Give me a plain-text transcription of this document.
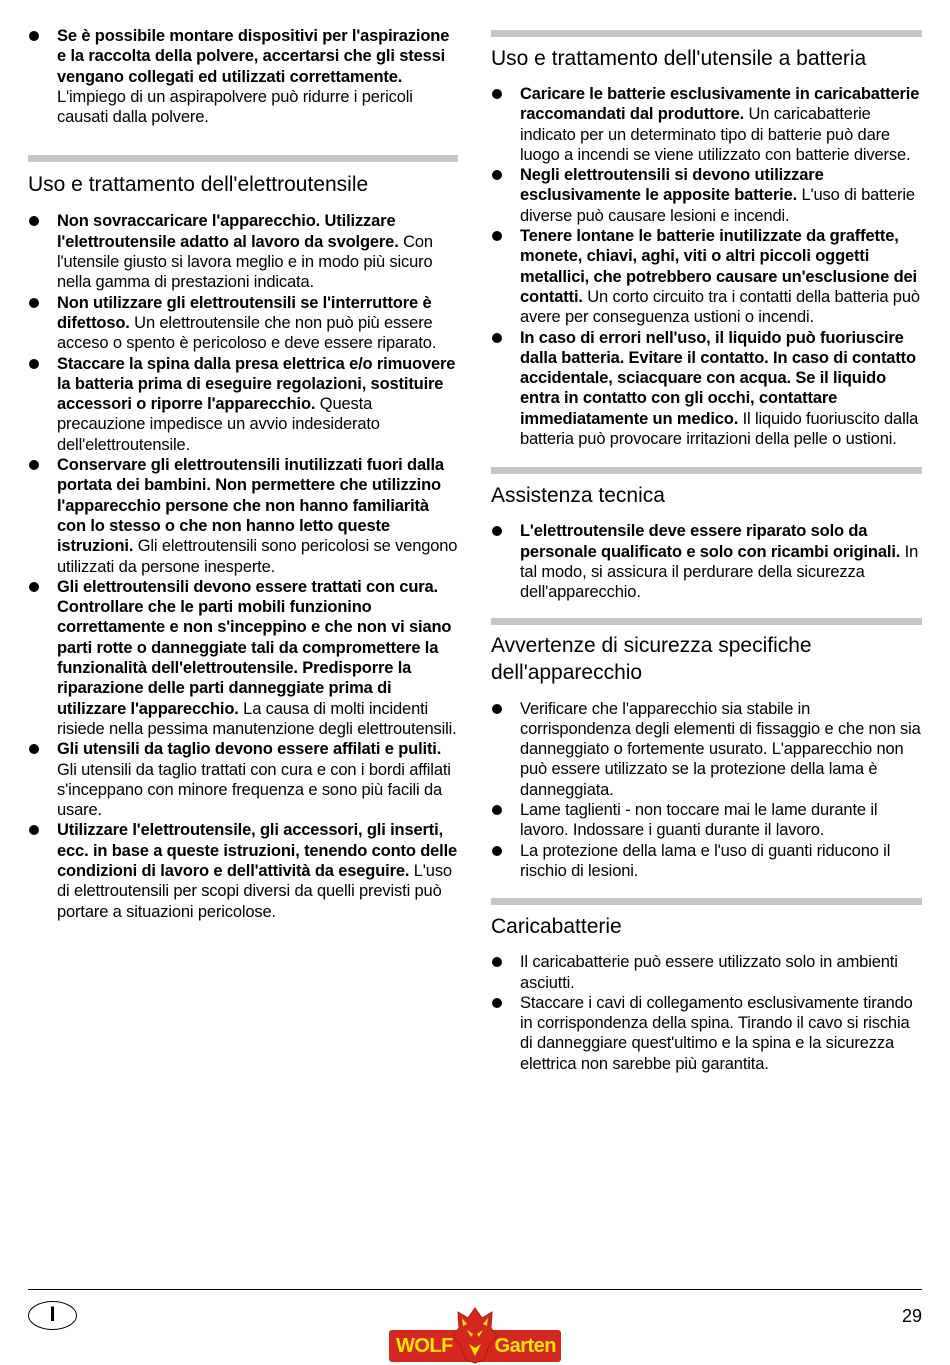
Se è possibile montare dispositivi per l'aspirazione e la raccolta della polvere, accertarsi che gli stessi vengano collegati ed utilizzati correttamente. L'impiego di un aspirapolvere può ridurre i pericoli causati dalla polvere.
Uso e trattamento dell'elettroutensile
Non sovraccaricare l'apparecchio. Utilizzare l'elettroutensile adatto al lavoro da svolgere. Con l'utensile giusto si lavora meglio e in modo più sicuro nella gamma di prestazioni indicata.
Non utilizzare gli elettroutensili se l'interruttore è difettoso. Un elettroutensile che non può più essere acceso o spento è pericoloso e deve essere riparato.
Staccare la spina dalla presa elettrica e/o rimuovere la batteria prima di eseguire regolazioni, sostituire accessori o riporre l'apparecchio. Questa precauzione impedisce un avvio indesiderato dell'elettroutensile.
Conservare gli elettroutensili inutilizzati fuori dalla portata dei bambini. Non permettere che utilizzino l'apparecchio persone che non hanno familiarità con lo stesso o che non hanno letto queste istruzioni. Gli elettroutensili sono pericolosi se vengono utilizzati da persone inesperte.
Gli elettroutensili devono essere trattati con cura. Controllare che le parti mobili funzionino correttamente e non s'inceppino e che non vi siano parti rotte o danneggiate tali da compromettere la funzionalità dell'elettroutensile. Predisporre la riparazione delle parti danneggiate prima di utilizzare l'apparecchio. La causa di molti incidenti risiede nella pessima manutenzione degli elettroutensili.
Gli utensili da taglio devono essere affilati e puliti. Gli utensili da taglio trattati con cura e con i bordi affilati s'inceppano con minore frequenza e sono più facili da usare.
Utilizzare l'elettroutensile, gli accessori, gli inserti, ecc. in base a queste istruzioni, tenendo conto delle condizioni di lavoro e dell'attività da eseguire. L'uso di elettroutensili per scopi diversi da quelli previsti può portare a situazioni pericolose.
Uso e trattamento dell'utensile a batteria
Caricare le batterie esclusivamente in caricabatterie raccomandati dal produttore. Un caricabatterie indicato per un determinato tipo di batterie può dare luogo a incendi se viene utilizzato con batterie diverse.
Negli elettroutensili si devono utilizzare esclusivamente le apposite batterie. L'uso di batterie diverse può causare lesioni e incendi.
Tenere lontane le batterie inutilizzate da graffette, monete, chiavi, aghi, viti o altri piccoli oggetti metallici, che potrebbero causare un'esclusione dei contatti. Un corto circuito tra i contatti della batteria può avere per conseguenza ustioni o incendi.
In caso di errori nell'uso, il liquido può fuoriuscire dalla batteria. Evitare il contatto. In caso di contatto accidentale, sciacquare con acqua. Se il liquido entra in contatto con gli occhi, contattare immediatamente un medico. Il liquido fuoriuscito dalla batteria può provocare irritazioni della pelle o ustioni.
Assistenza tecnica
L'elettroutensile deve essere riparato solo da personale qualificato e solo con ricambi originali. In tal modo, si assicura il perdurare della sicurezza dell'apparecchio.
Avvertenze di sicurezza specifiche dell'apparecchio
Verificare che l'apparecchio sia stabile in corrispondenza degli elementi di fissaggio e che non sia danneggiato o fortemente usurato. L'apparecchio non può essere utilizzato se la protezione della lama è danneggiata.
Lame taglienti - non toccare mai le lame durante il lavoro. Indossare i guanti durante il lavoro.
La protezione della lama e l'uso di guanti riducono il rischio di lesioni.
Caricabatterie
Il caricabatterie può essere utilizzato solo in ambienti asciutti.
Staccare i cavi di collegamento esclusivamente tirando in corrispondenza della spina. Tirando il cavo si rischia di danneggiare quest'ultimo e la spina e la sicurezza elettrica non sarebbe più garantita.
I	29
WOLF Garten
